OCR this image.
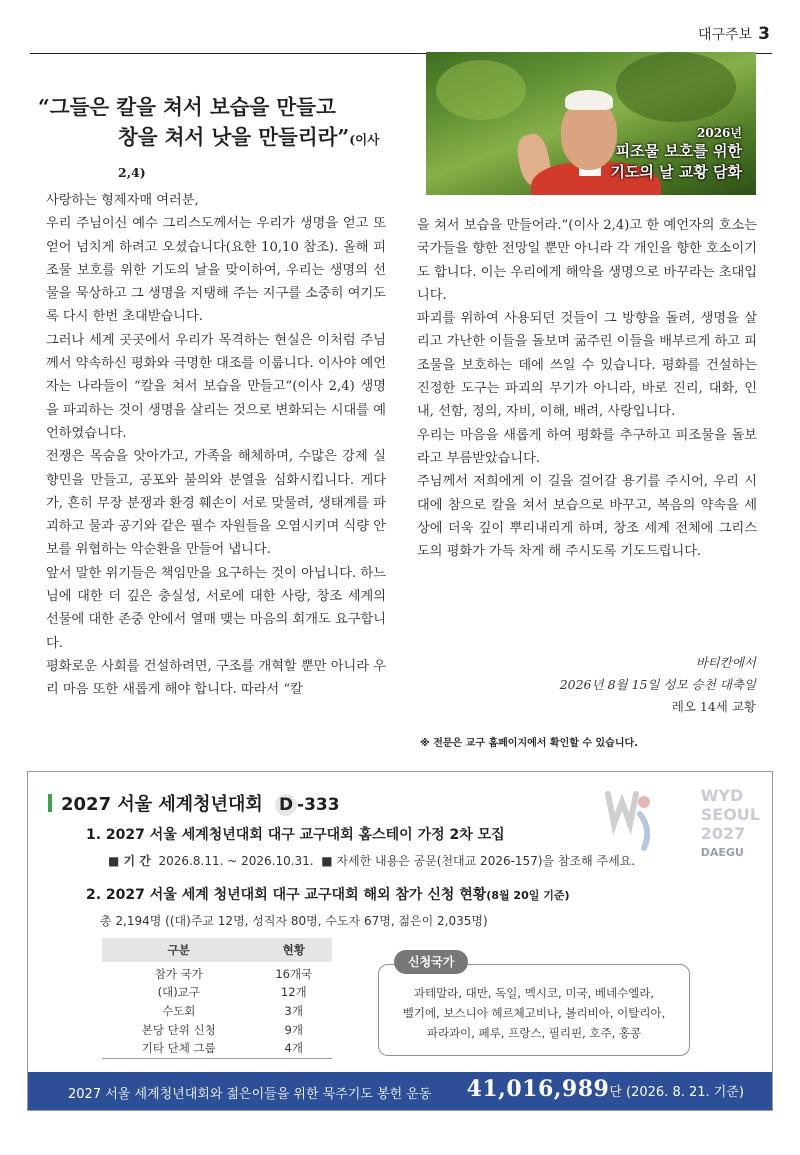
대구주보 3
“그들은 칼을 쳐서 보습을 만들고
창을 쳐서 낫을 만들리라”(이사 2,4)
2026년
피조물 보호를 위한
기도의 날 교황 담화

사랑하는 형제자매 여러분,

우리 주님이신 예수 그리스도께서는 우리가 생명을 얻고 또 얻어 넘치게 하려고 오셨습니다(요한 10,10 참조). 올해 피조물 보호를 위한 기도의 날을 맞이하여, 우리는 생명의 선물을 묵상하고 그 생명을 지탱해 주는 지구를 소중히 여기도록 다시 한번 초대받습니다.

그러나 세계 곳곳에서 우리가 목격하는 현실은 이처럼 주님께서 약속하신 평화와 극명한 대조를 이룹니다. 이사야 예언자는 나라들이 “칼을 쳐서 보습을 만들고”(이사 2,4) 생명을 파괴하는 것이 생명을 살리는 것으로 변화되는 시대를 예언하였습니다.

전쟁은 목숨을 앗아가고, 가족을 해체하며, 수많은 강제 실향민을 만들고, 공포와 불의와 분열을 심화시킵니다. 게다가, 흔히 무장 분쟁과 환경 훼손이 서로 맞물려, 생태계를 파괴하고 물과 공기와 같은 필수 자원들을 오염시키며 식량 안보를 위협하는 악순환을 만들어 냅니다.

앞서 말한 위기들은 책임만을 요구하는 것이 아닙니다. 하느님에 대한 더 깊은 충실성, 서로에 대한 사랑, 창조 세계의 선물에 대한 존중 안에서 열매 맺는 마음의 회개도 요구합니다.

평화로운 사회를 건설하려면, 구조를 개혁할 뿐만 아니라 우리 마음 또한 새롭게 해야 합니다. 따라서 “칼

을 쳐서 보습을 만들어라.”(이사 2,4)고 한 예언자의 호소는 국가들을 향한 전망일 뿐만 아니라 각 개인을 향한 호소이기도 합니다. 이는 우리에게 해악을 생명으로 바꾸라는 초대입니다.

파괴를 위하여 사용되던 것들이 그 방향을 돌려, 생명을 살리고 가난한 이들을 돌보며 굶주린 이들을 배부르게 하고 피조물을 보호하는 데에 쓰일 수 있습니다. 평화를 건설하는 진정한 도구는 파괴의 무기가 아니라, 바로 진리, 대화, 인내, 선함, 정의, 자비, 이해, 배려, 사랑입니다.

우리는 마음을 새롭게 하여 평화를 추구하고 피조물을 돌보라고 부름받았습니다.

주님께서 저희에게 이 길을 걸어갈 용기를 주시어, 우리 시대에 참으로 칼을 쳐서 보습으로 바꾸고, 복음의 약속을 세상에 더욱 깊이 뿌리내리게 하며, 창조 세계 전체에 그리스도의 평화가 가득 차게 해 주시도록 기도드립니다.

바티칸에서
2026년 8월 15일 성모 승천 대축일
레오 14세 교황
※ 전문은 교구 홈페이지에서 확인할 수 있습니다.
2027 서울 세계청년대회 D -333	WYD
SEOUL
2027
DAEGU
1. 2027 서울 세계청년대회 대구 교구대회 홈스테이 가정 2차 모집
■ 기 간 2026.8.11. ~ 2026.10.31. ■ 자세한 내용은 공문(천대교 2026-157)을 참조해 주세요.
2. 2027 서울 세계 청년대회 대구 교구대회 해외 참가 신청 현황(8월 20일 기준)
총 2,194명 ((대)주교 12명, 성직자 80명, 수도자 67명, 젊은이 2,035명)
구분	현황
참가 국가	16개국
(대)교구	12개
수도회	3개
본당 단위 신청	9개
기타 단체 그룹	4개
과테말라, 대만, 독일, 멕시코, 미국, 베네수엘라,
벨기에, 보스니아 헤르체고비나, 볼리비아, 이탈리아,
파라과이, 페루, 프랑스, 필리핀, 호주, 홍콩
신청국가
2027 서울 세계청년대회와 젊은이들을 위한 묵주기도 봉헌 운동 41,016,989단 (2026. 8. 21. 기준)
